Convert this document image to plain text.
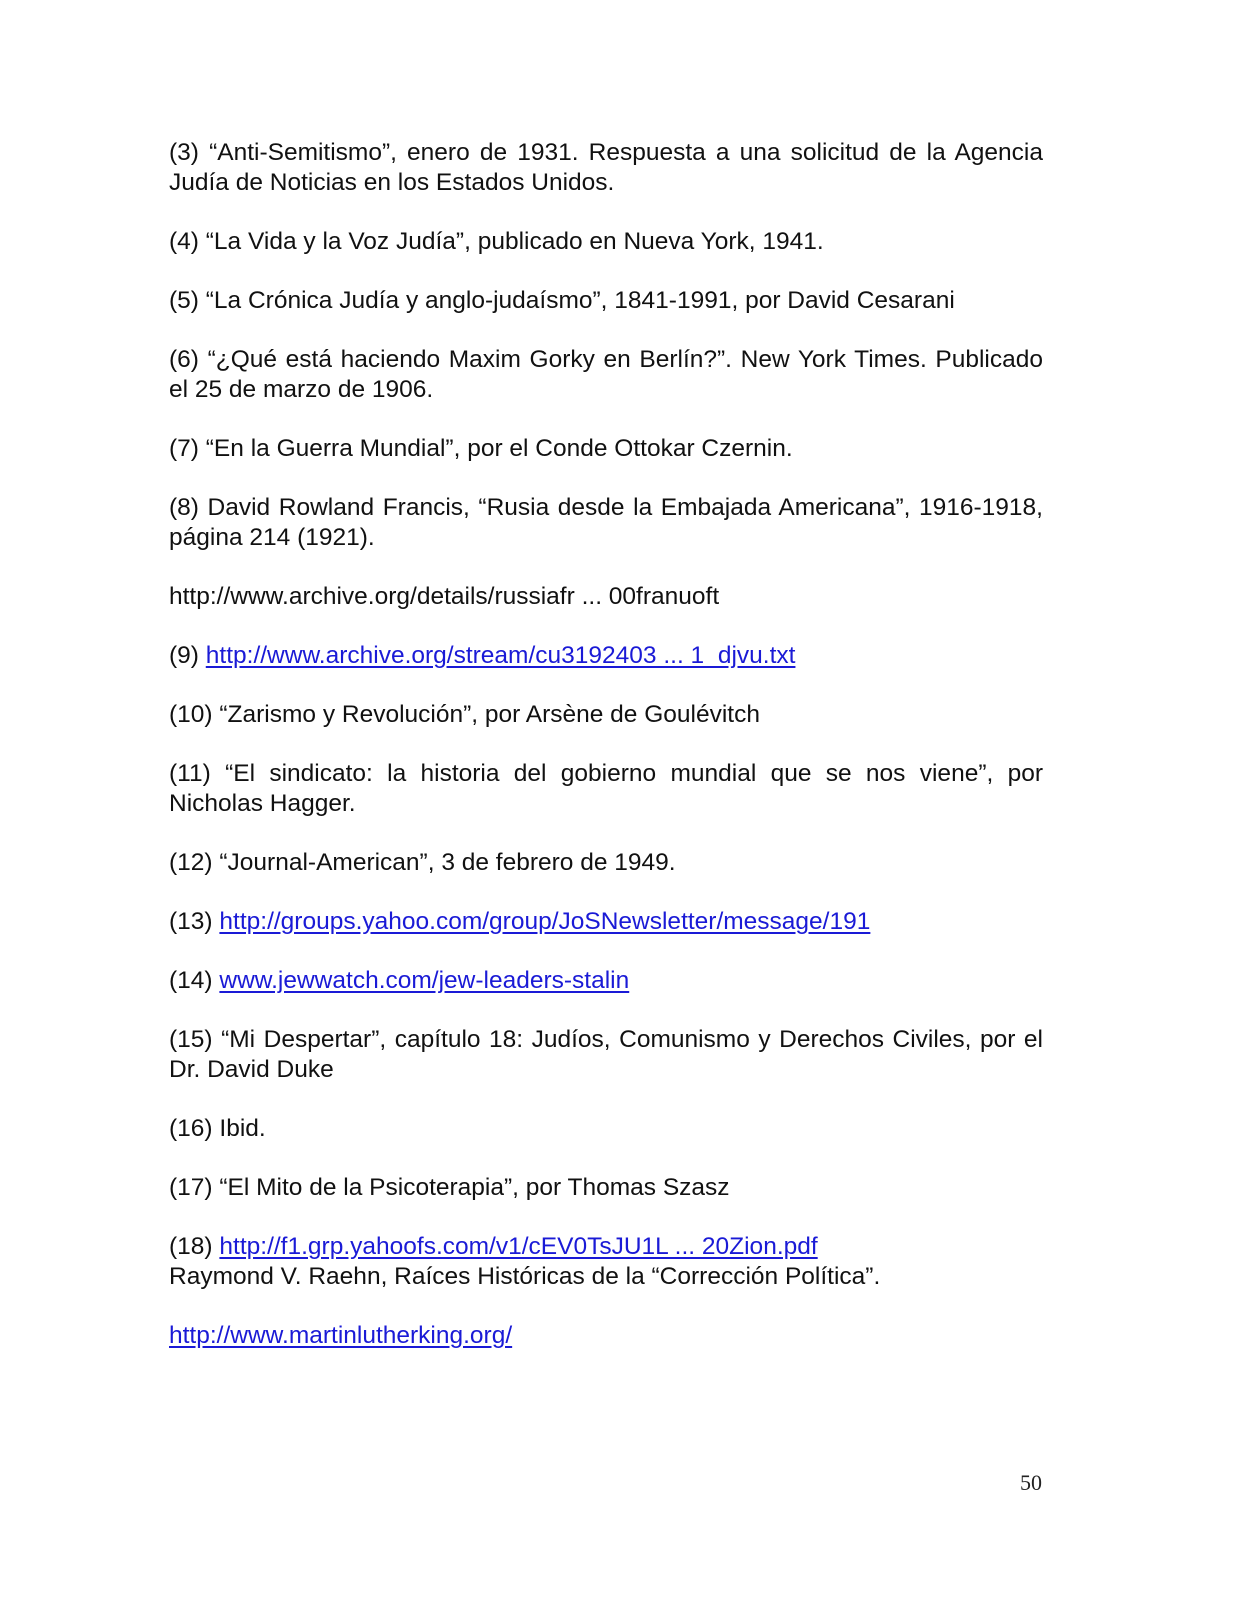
(3) “Anti-Semitismo”, enero de 1931. Respuesta a una solicitud de la Agencia Judía de Noticias en los Estados Unidos.

(4) “La Vida y la Voz Judía”, publicado en Nueva York, 1941.

(5) “La Crónica Judía y anglo-judaísmo”, 1841-1991, por David Cesarani

(6) “¿Qué está haciendo Maxim Gorky en Berlín?”. New York Times. Publicado el 25 de marzo de 1906.

(7) “En la Guerra Mundial”, por el Conde Ottokar Czernin.

(8) David Rowland Francis, “Rusia desde la Embajada Americana”, 1916-1918, página 214 (1921).

http://www.archive.org/details/russiafr ... 00franuoft

(9) http://www.archive.org/stream/cu3192403 ... 1_djvu.txt

(10) “Zarismo y Revolución”, por Arsène de Goulévitch

(11) “El sindicato: la historia del gobierno mundial que se nos viene”, por Nicholas Hagger.

(12) “Journal-American”, 3 de febrero de 1949.

(13) http://groups.yahoo.com/group/JoSNewsletter/message/191

(14) www.jewwatch.com/jew-leaders-stalin

(15) “Mi Despertar”, capítulo 18: Judíos, Comunismo y Derechos Civiles, por el Dr. David Duke

(16) Ibid.

(17) “El Mito de la Psicoterapia”, por Thomas Szasz

(18) http://f1.grp.yahoofs.com/v1/cEV0TsJU1L ... 20Zion.pdf
Raymond V. Raehn, Raíces Históricas de la “Corrección Política”.

http://www.martinlutherking.org/

50
